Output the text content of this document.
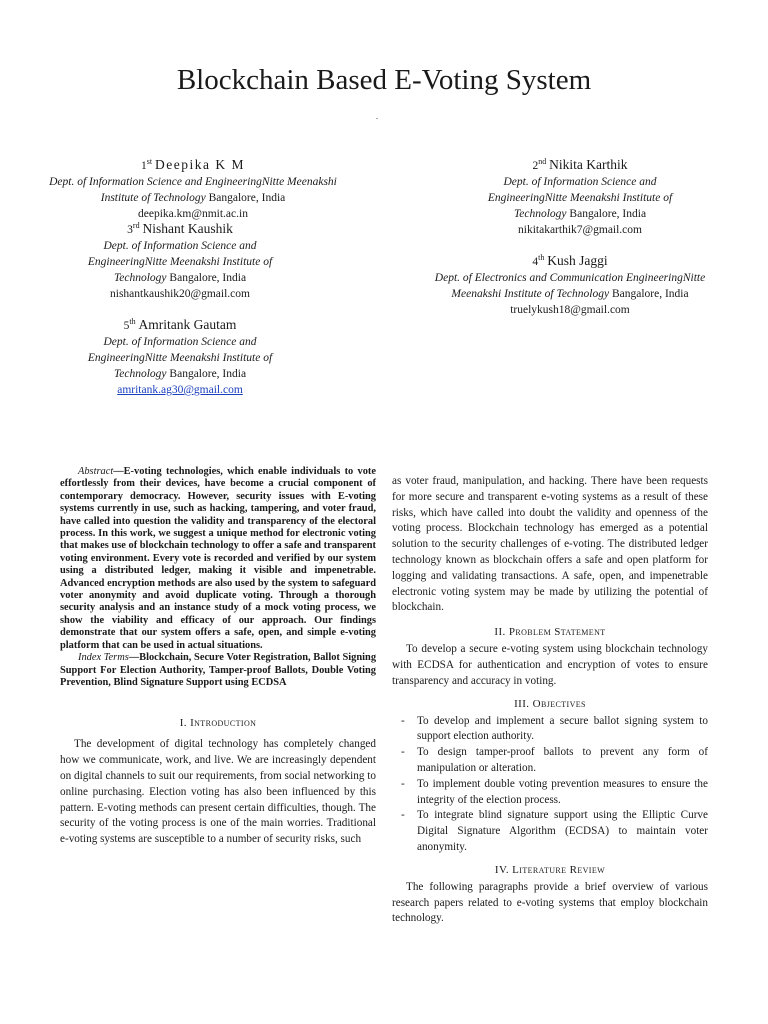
Blockchain Based E-Voting System
.
1st Deepika K M
Dept. of Information Science and EngineeringNitte Meenakshi Institute of Technology Bangalore, India
deepika.km@nmit.ac.in
3rd Nishant Kaushik
Dept. of Information Science and EngineeringNitte Meenakshi Institute of Technology Bangalore, India
nishantkaushik20@gmail.com
5th Amritank Gautam
Dept. of Information Science and EngineeringNitte Meenakshi Institute of Technology Bangalore, India
amritank.ag30@gmail.com
2nd Nikita Karthik
Dept. of Information Science and EngineeringNitte Meenakshi Institute of Technology Bangalore, India
nikitakarthik7@gmail.com
4th Kush Jaggi
Dept. of Electronics and Communication EngineeringNitte Meenakshi Institute of Technology Bangalore, India
truelykush18@gmail.com

Abstract—E-voting technologies, which enable individuals to vote effortlessly from their devices, have become a crucial component of contemporary democracy. However, security issues with E-voting systems currently in use, such as hacking, tampering, and voter fraud, have called into question the validity and transparency of the electoral process. In this work, we suggest a unique method for electronic voting that makes use of blockchain technology to offer a safe and transparent voting environment. Every vote is recorded and verified by our system using a distributed ledger, making it visible and impenetrable. Advanced encryption methods are also used by the system to safeguard voter anonymity and avoid duplicate voting. Through a thorough security analysis and an instance study of a mock voting process, we show the viability and efficacy of our approach. Our findings demonstrate that our system offers a safe, open, and simple e-voting platform that can be used in actual situations.

Index Terms—Blockchain, Secure Voter Registration, Ballot Signing Support For Election Authority, Tamper-proof Ballots, Double Voting Prevention, Blind Signature Support using ECDSA

I. Introduction

The development of digital technology has completely changed how we communicate, work, and live. We are increasingly dependent on digital channels to suit our requirements, from social networking to online purchasing. Election voting has also been influenced by this pattern. E-voting methods can present certain difficulties, though. The security of the voting process is one of the main worries. Traditional e-voting systems are susceptible to a number of security risks, such

as voter fraud, manipulation, and hacking. There have been requests for more secure and transparent e-voting systems as a result of these risks, which have called into doubt the validity and openness of the voting process. Blockchain technology has emerged as a potential solution to the security challenges of e-voting. The distributed ledger technology known as blockchain offers a safe and open platform for logging and validating transactions. A safe, open, and impenetrable electronic voting system may be made by utilizing the potential of blockchain.

II. Problem Statement

To develop a secure e-voting system using blockchain technology with ECDSA for authentication and encryption of votes to ensure transparency and accuracy in voting.

III. Objectives
- To develop and implement a secure ballot signing system to support election authority.
- To design tamper-proof ballots to prevent any form of manipulation or alteration.
- To implement double voting prevention measures to ensure the integrity of the election process.
- To integrate blind signature support using the Elliptic Curve Digital Signature Algorithm (ECDSA) to maintain voter anonymity.
IV. Literature Review

The following paragraphs provide a brief overview of various research papers related to e-voting systems that employ blockchain technology.
